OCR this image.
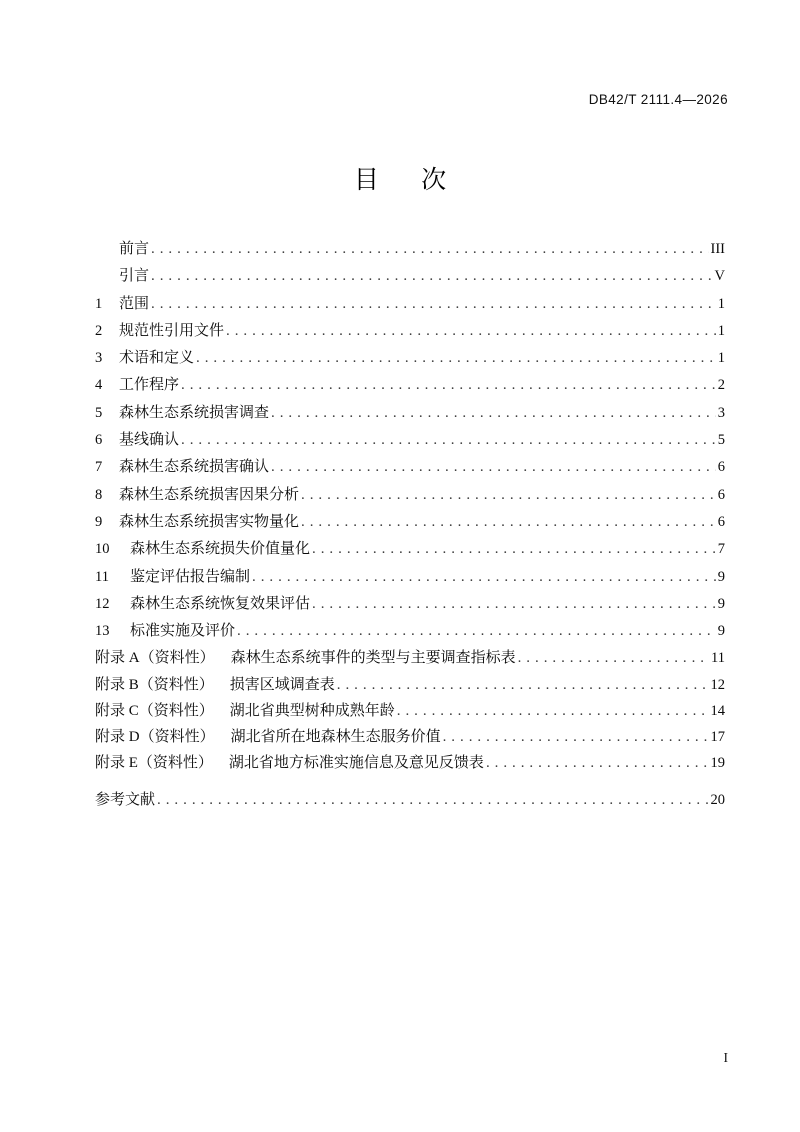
DB42/T 2111.4—2026
目 次
前言 . . .	III
引言 . . .	V
1	范围 . . .	1
2	规范性引用文件 . . .	1
3	术语和定义 . . .	1
4	工作程序 . . .	2
5	森林生态系统损害调查 . . .	3
6	基线确认 . . .	5
7	森林生态系统损害确认 . . .	6
8	森林生态系统损害因果分析 . . .	6
9	森林生态系统损害实物量化 . . .	6
10	森林生态系统损失价值量化 . . .	7
11	鉴定评估报告编制 . . .	9
12	森林生态系统恢复效果评估 . . .	9
13	标准实施及评价 . . .	9
附录 A（资料性） 森林生态系统事件的类型与主要调查指标表 . . .	11
附录 B（资料性） 损害区域调查表 . . .	12
附录 C（资料性） 湖北省典型树种成熟年龄 . . .	14
附录 D（资料性） 湖北省所在地森林生态服务价值 . . .	17
附录 E（资料性） 湖北省地方标准实施信息及意见反馈表 . . .	19
参考文献 . . .	20
I
